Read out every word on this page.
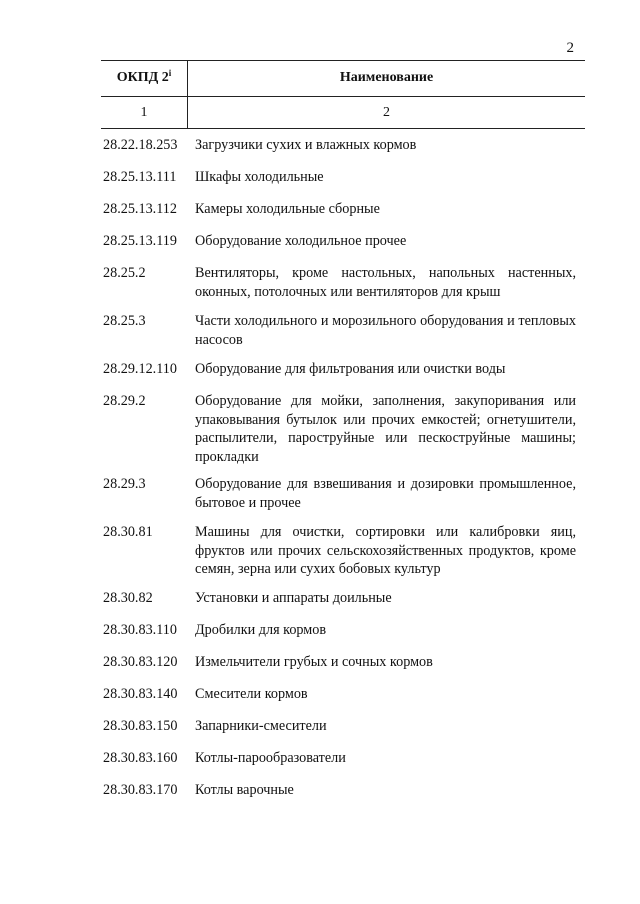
2
ОКПД 2$^i$	Наименование
1	2
28.22.18.253 Загрузчики сухих и влажных кормов
28.25.13.111 Шкафы холодильные
28.25.13.112 Камеры холодильные сборные
28.25.13.119 Оборудование холодильное прочее
28.25.2	Вентиляторы, кроме настольных, напольных настенных, оконных, потолочных или вентиляторов для крыш
28.25.3	Части холодильного и морозильного оборудования и тепловых насосов
28.29.12.110 Оборудование для фильтрования или очистки воды
28.29.2	Оборудование для мойки, заполнения, закупоривания или упаковывания бутылок или прочих емкостей; огнетушители, распылители, пароструйные или пескоструйные машины; прокладки
28.29.3	Оборудование для взвешивания и дозировки промышленное, бытовое и прочее
28.30.81	Машины для очистки, сортировки или калибровки яиц, фруктов или прочих сельскохозяйственных продуктов, кроме семян, зерна или сухих бобовых культур
28.30.82	Установки и аппараты доильные
28.30.83.110 Дробилки для кормов
28.30.83.120 Измельчители грубых и сочных кормов
28.30.83.140 Смесители кормов
28.30.83.150 Запарники-смесители
28.30.83.160 Котлы-парообразователи
28.30.83.170 Котлы варочные
